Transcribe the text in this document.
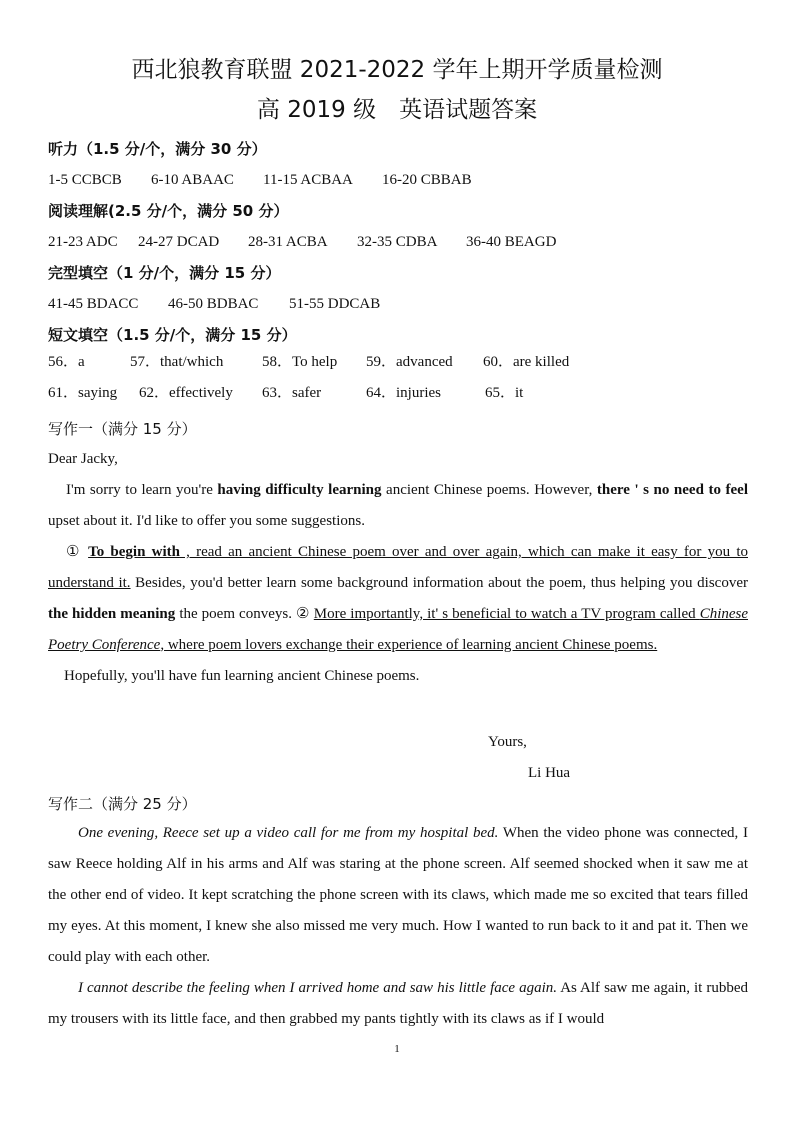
西北狼教育联盟 2021-2022 学年上期开学质量检测
高 2019 级　英语试题答案
听力（1.5 分/个，满分 30 分）
1-5 CCBCB 6-10 ABAAC 11-15 ACBAA 16-20 CBBAB
阅读理解(2.5 分/个，满分 50 分）
21-23 ADC 24-27 DCAD 28-31 ACBA 32-35 CDBA 36-40 BEAGD
完型填空（1 分/个，满分 15 分）
41-45 BDACC 46-50 BDBAC 51-55 DDCAB
短文填空（1.5 分/个，满分 15 分）
56．a	57．that/which	58．To help 59．advanced 60．are killed
61．saying 62．effectively 63．safer	64．injuries	65．it
写作一（满分 15 分）

Dear Jacky,

I'm sorry to learn you're having difficulty learning ancient Chinese poems. However, there ' s no need to feel upset about it. I'd like to offer you some suggestions.

① To begin with , read an ancient Chinese poem over and over again, which can make it easy for you to understand it. Besides, you'd better learn some background information about the poem, thus helping you discover the hidden meaning the poem conveys. ② More importantly, it' s beneficial to watch a TV program called Chinese Poetry Conference, where poem lovers exchange their experience of learning ancient Chinese poems.

Hopefully, you'll have fun learning ancient Chinese poems.

Yours,
Li Hua
写作二（满分 25 分）

One evening, Reece set up a video call for me from my hospital bed. When the video phone was connected, I saw Reece holding Alf in his arms and Alf was staring at the phone screen. Alf seemed shocked when it saw me at the other end of video. It kept scratching the phone screen with its claws, which made me so excited that tears filled my eyes. At this moment, I knew she also missed me very much. How I wanted to run back to it and pat it. Then we could play with each other.

I cannot describe the feeling when I arrived home and saw his little face again. As Alf saw me again, it rubbed my trousers with its little face, and then grabbed my pants tightly with its claws as if I would

1
